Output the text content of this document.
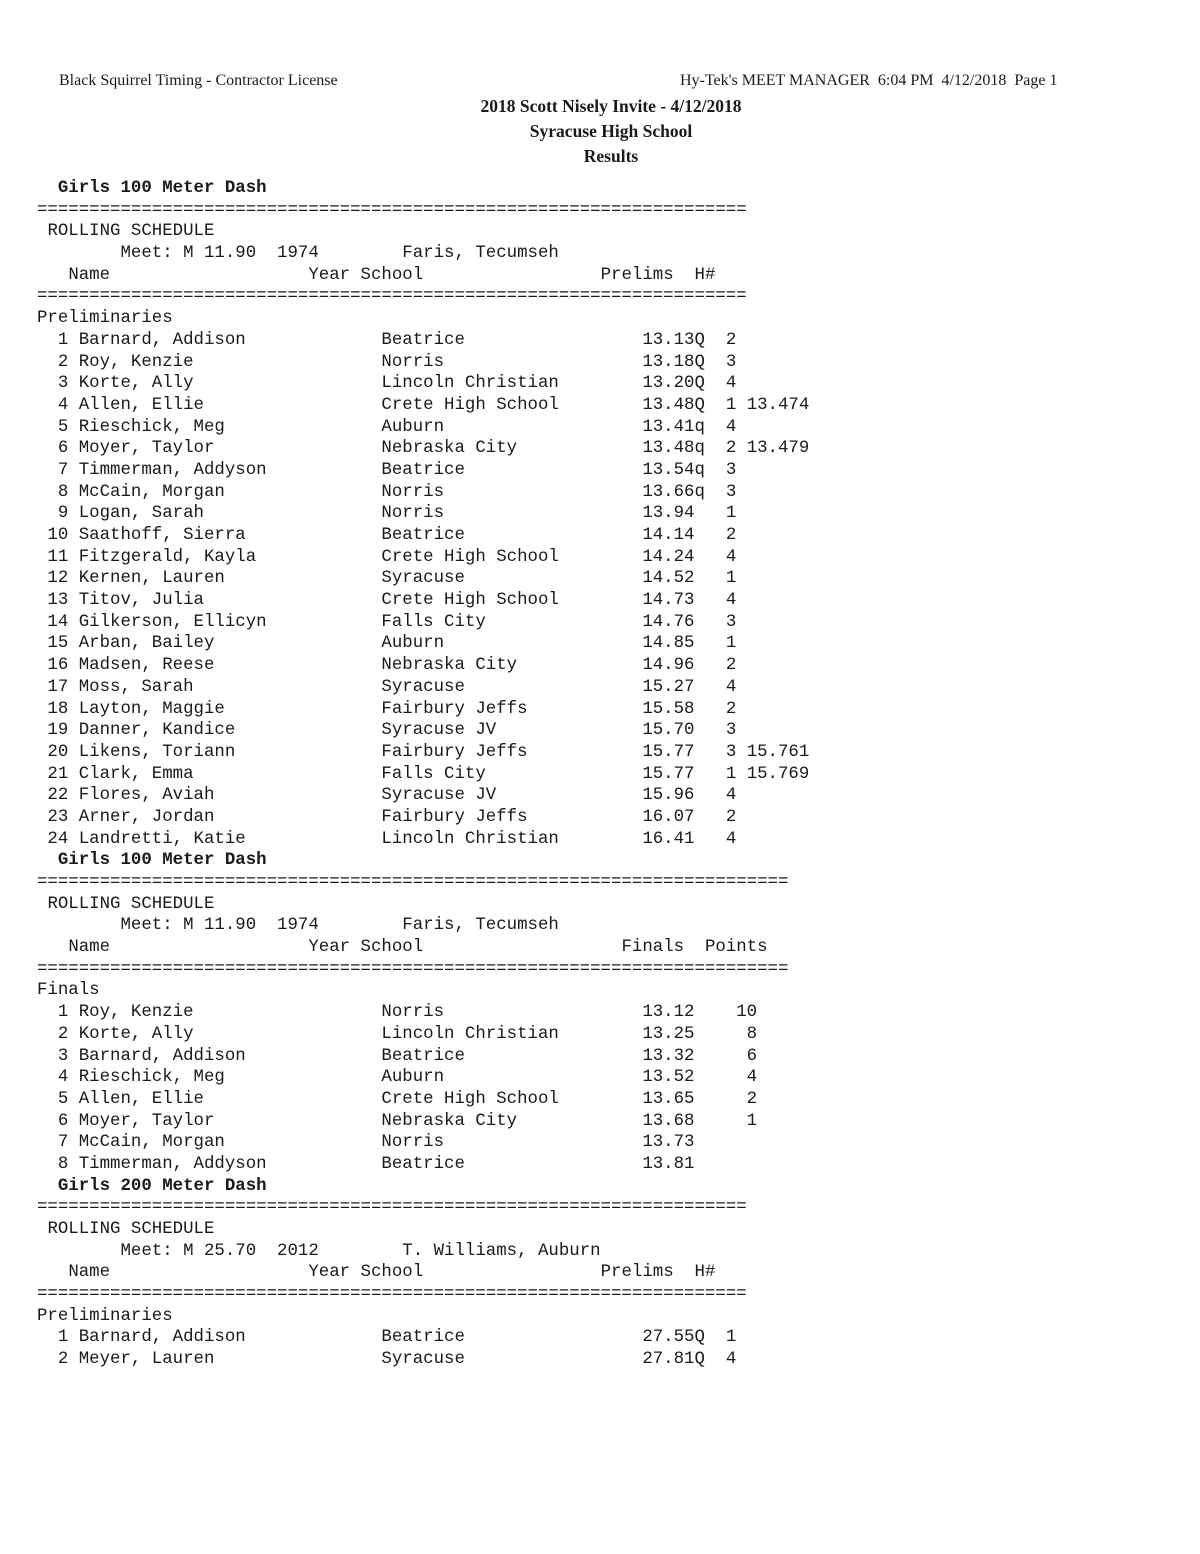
Black Squirrel Timing - Contractor License	Hy-Tek's MEET MANAGER  6:04 PM  4/12/2018  Page 1
2018 Scott Nisely Invite - 4/12/2018
Syracuse High School
Results
Girls 100 Meter Dash
====================================================================
ROLLING SCHEDULE
Meet: M 11.90  1974        Faris, Tecumseh
Name	Year School	Prelims H#
====================================================================
Preliminaries
1 Barnard, Addison             Beatrice                 13.13Q  2
2 Roy, Kenzie                  Norris                   13.18Q  3
3 Korte, Ally                  Lincoln Christian        13.20Q  4
4 Allen, Ellie                 Crete High School        13.48Q  1 13.474
5 Rieschick, Meg               Auburn                   13.41q  4
6 Moyer, Taylor                Nebraska City            13.48q  2 13.479
7 Timmerman, Addyson           Beatrice                 13.54q  3
8 McCain, Morgan               Norris                   13.66q  3
9 Logan, Sarah                 Norris                   13.94   1
10 Saathoff, Sierra             Beatrice                 14.14   2
11 Fitzgerald, Kayla            Crete High School        14.24   4
12 Kernen, Lauren               Syracuse                 14.52   1
13 Titov, Julia                 Crete High School        14.73   4
14 Gilkerson, Ellicyn           Falls City               14.76   3
15 Arban, Bailey                Auburn                   14.85   1
16 Madsen, Reese                Nebraska City            14.96   2
17 Moss, Sarah                  Syracuse                 15.27   4
18 Layton, Maggie               Fairbury Jeffs           15.58   2
19 Danner, Kandice              Syracuse JV              15.70   3
20 Likens, Toriann              Fairbury Jeffs           15.77   3 15.761
21 Clark, Emma                  Falls City               15.77   1 15.769
22 Flores, Aviah                Syracuse JV              15.96   4
23 Arner, Jordan                Fairbury Jeffs           16.07   2
24 Landretti, Katie             Lincoln Christian        16.41   4
Girls 100 Meter Dash
========================================================================
ROLLING SCHEDULE
Meet: M 11.90  1974        Faris, Tecumseh
Name	Year School	Finals Points
========================================================================
Finals
1 Roy, Kenzie                  Norris                   13.12    10
2 Korte, Ally                  Lincoln Christian        13.25     8
3 Barnard, Addison             Beatrice                 13.32     6
4 Rieschick, Meg               Auburn                   13.52     4
5 Allen, Ellie                 Crete High School        13.65     2
6 Moyer, Taylor                Nebraska City            13.68     1
7 McCain, Morgan               Norris                   13.73
8 Timmerman, Addyson           Beatrice                 13.81
Girls 200 Meter Dash
====================================================================
ROLLING SCHEDULE
Meet: M 25.70  2012        T. Williams, Auburn
Name	Year School	Prelims H#
====================================================================
Preliminaries
1 Barnard, Addison             Beatrice                 27.55Q  1
2 Meyer, Lauren                Syracuse                 27.81Q  4
